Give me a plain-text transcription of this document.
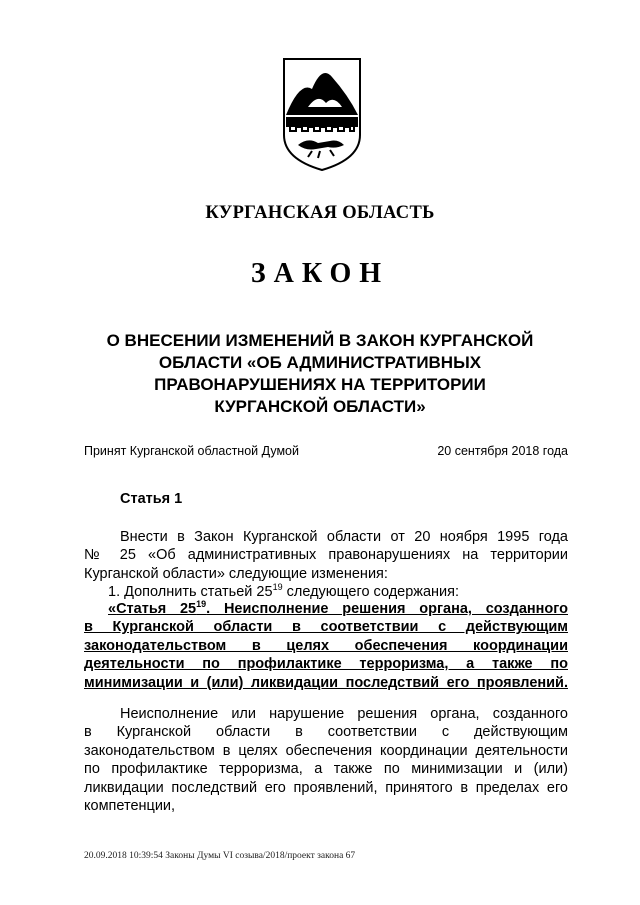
КУРГАНСКАЯ ОБЛАСТЬ
ЗАКОН
О ВНЕСЕНИИ ИЗМЕНЕНИЙ В ЗАКОН КУРГАНСКОЙ
ОБЛАСТИ «ОБ АДМИНИСТРАТИВНЫХ
ПРАВОНАРУШЕНИЯХ НА ТЕРРИТОРИИ
КУРГАНСКОЙ ОБЛАСТИ»
Принят Курганской областной Думой	20 сентября 2018 года
Статья 1
Внести в Закон Курганской области от 20 ноября 1995 года
№ 25 «Об административных правонарушениях на территории
Курганской области» следующие изменения:
1. Дополнить статьей $25^{19}$ следующего содержания:
«Статья $25^{19}$. Неисполнение решения органа, созданного
в Курганской области в соответствии с действующим
законодательством в целях обеспечения координации
деятельности по профилактике терроризма, а также по
минимизации и (или) ликвидации последствий его проявлений.
Неисполнение или нарушение решения органа, созданного
в Курганской области в соответствии с действующим
законодательством в целях обеспечения координации деятельности
по профилактике терроризма, а также по минимизации и (или)
ликвидации последствий его проявлений, принятого в пределах его
компетенции,
20.09.2018 10:39:54 Законы Думы VI созыва/2018/проект закона 67
